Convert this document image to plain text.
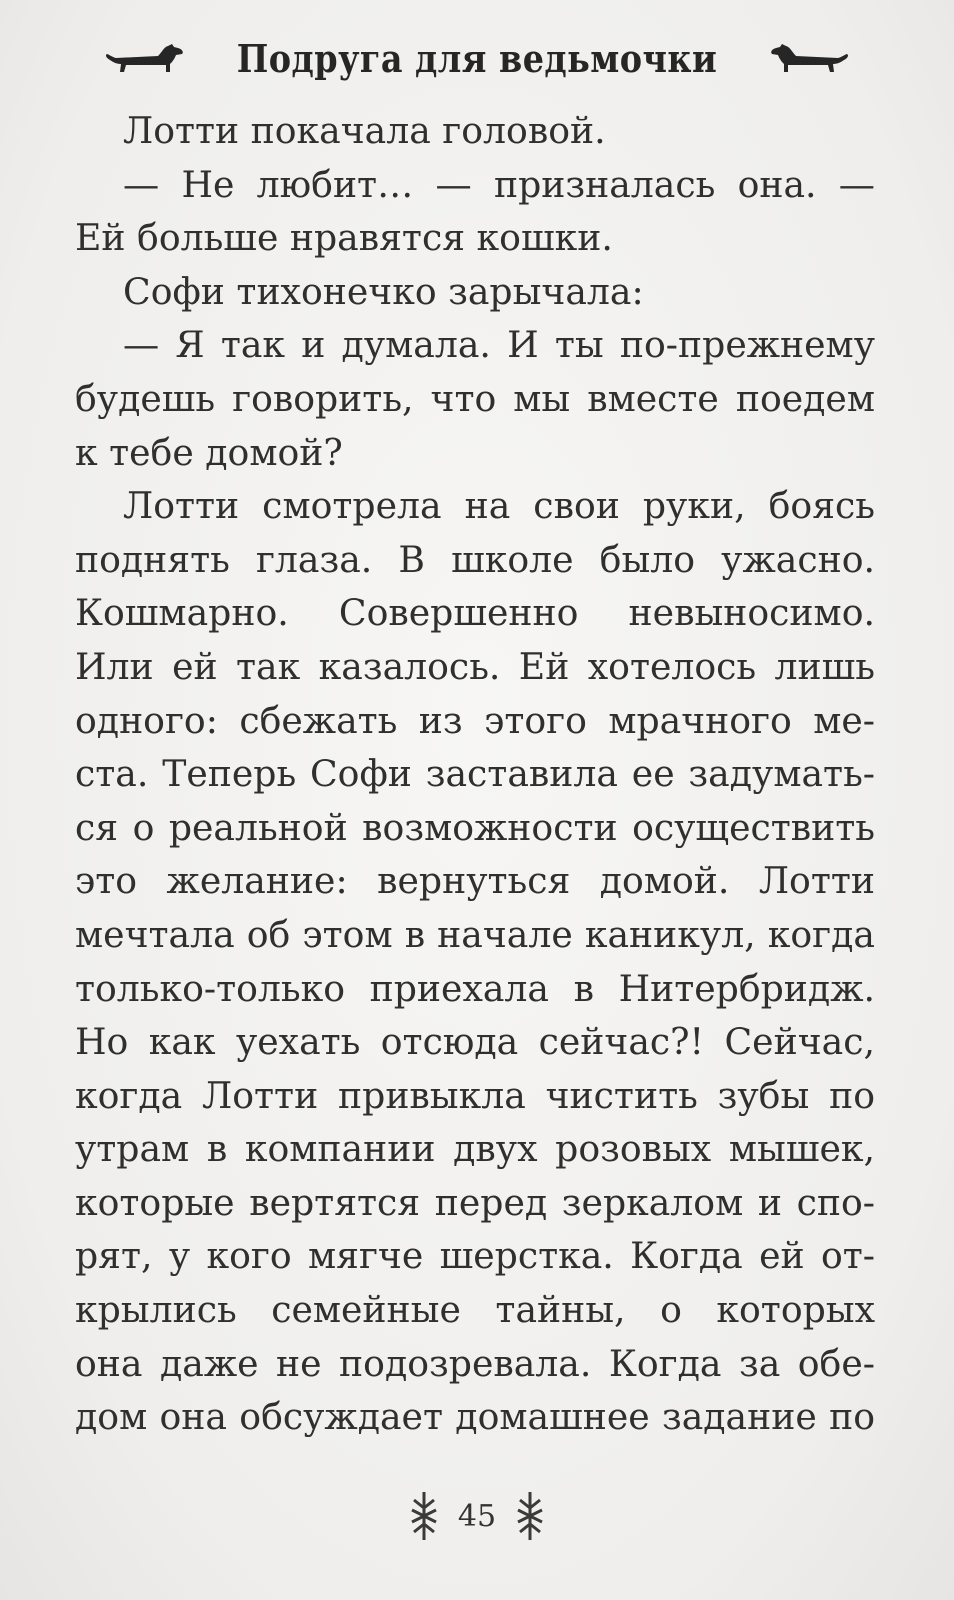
Подруга для ведьмочки
Лотти покачала головой.
— Не любит… — призналась она. —
Ей больше нравятся кошки.
Софи тихонечко зарычала:
— Я так и думала. И ты по-прежнему
будешь говорить, что мы вместе поедем
к тебе домой?
Лотти смотрела на свои руки, боясь
поднять глаза. В школе было ужасно.
Кошмарно. Совершенно невыносимо.
Или ей так казалось. Ей хотелось лишь
одного: сбежать из этого мрачного ме-
ста. Теперь Софи заставила ее задумать-
ся о реальной возможности осуществить
это желание: вернуться домой. Лотти
мечтала об этом в начале каникул, когда
только-только приехала в Нитербридж.
Но как уехать отсюда сейчас?! Сейчас,
когда Лотти привыкла чистить зубы по
утрам в компании двух розовых мышек,
которые вертятся перед зеркалом и спо-
рят, у кого мягче шерстка. Когда ей от-
крылись семейные тайны, о которых
она даже не подозревала. Когда за обе-
дом она обсуждает домашнее задание по
45
